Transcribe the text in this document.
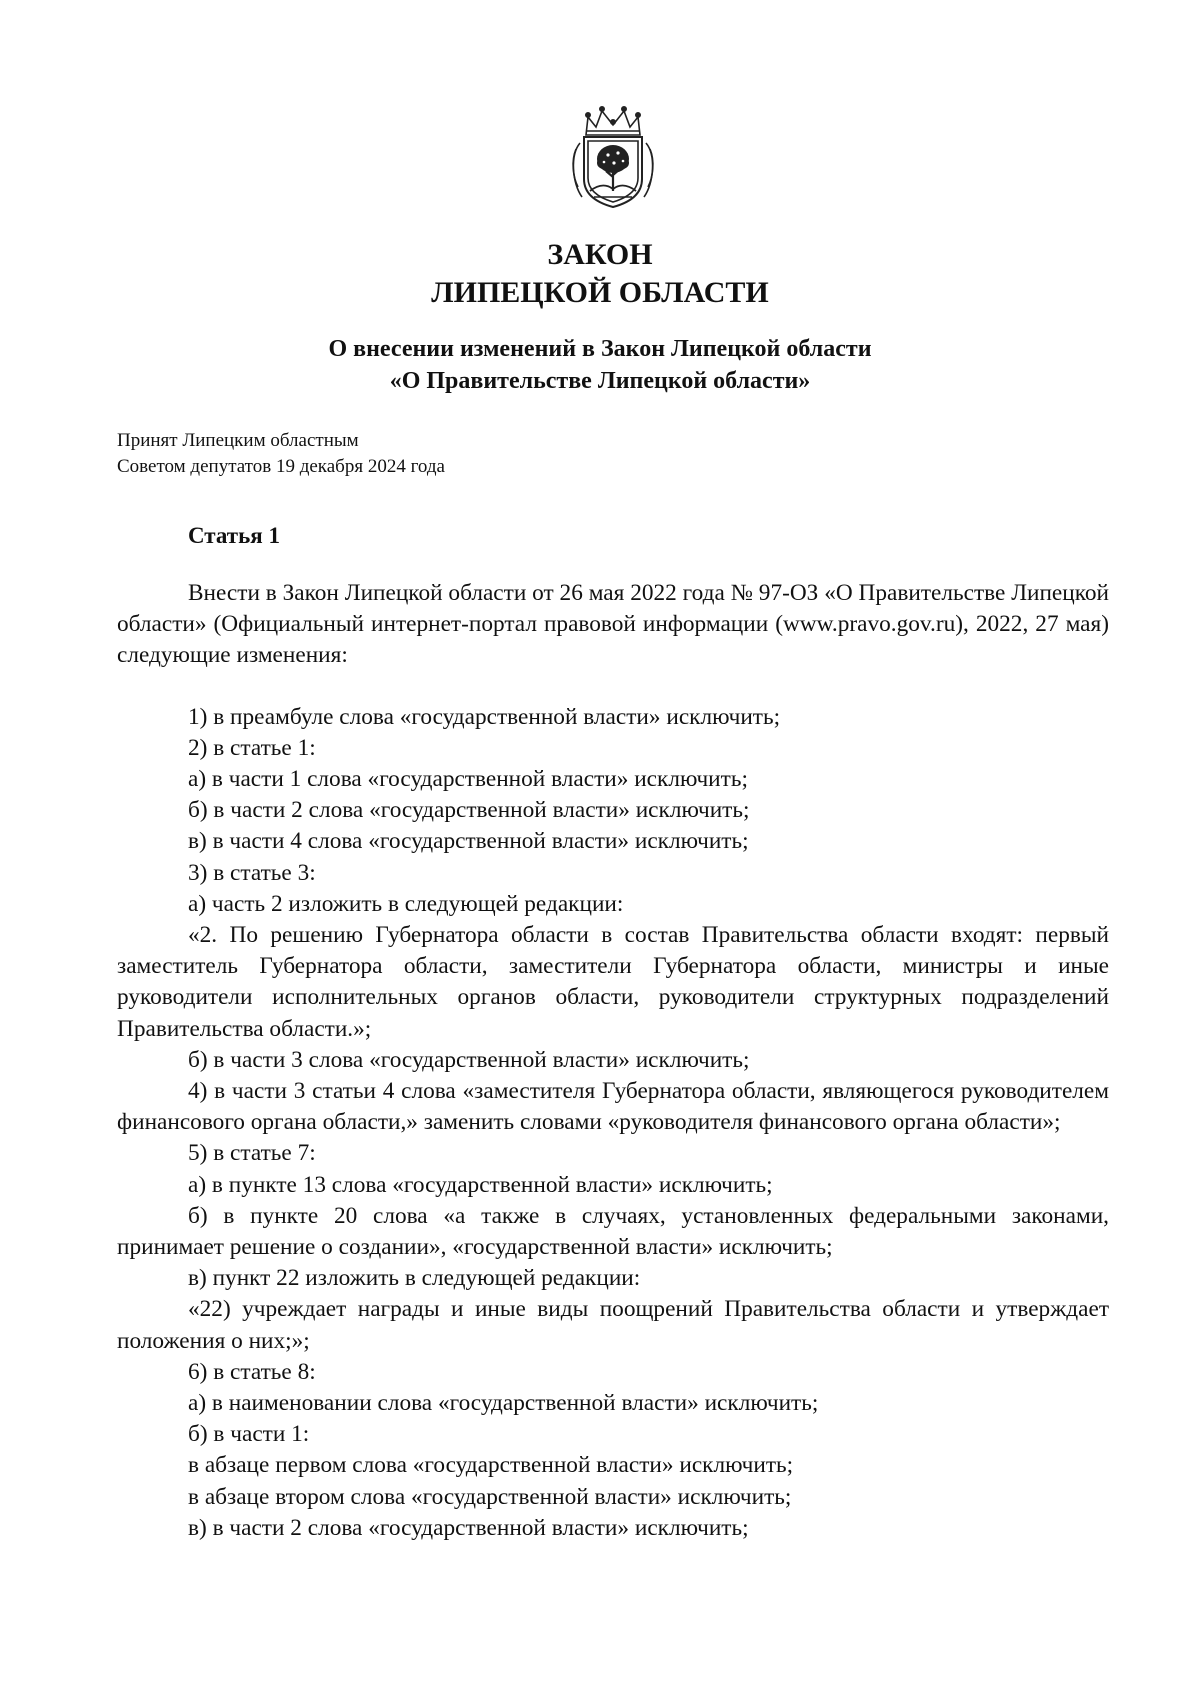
ЗАКОН
ЛИПЕЦКОЙ ОБЛАСТИ
О внесении изменений в Закон Липецкой области
«О Правительстве Липецкой области»
Принят Липецким областным
Советом депутатов 19 декабря 2024 года
Статья 1

Внести в Закон Липецкой области от 26 мая 2022 года № 97-ОЗ «О Правительстве Липецкой области» (Официальный интернет-портал правовой информации (www.pravo.gov.ru), 2022, 27 мая) следующие изменения:

1) в преамбуле слова «государственной власти» исключить;

2) в статье 1:

а) в части 1 слова «государственной власти» исключить;

б) в части 2 слова «государственной власти» исключить;

в) в части 4 слова «государственной власти» исключить;

3) в статье 3:

а) часть 2 изложить в следующей редакции:

«2. По решению Губернатора области в состав Правительства области входят: первый заместитель Губернатора области, заместители Губернатора области, министры и иные руководители исполнительных органов области, руководители структурных подразделений Правительства области.»;

б) в части 3 слова «государственной власти» исключить;

4) в части 3 статьи 4 слова «заместителя Губернатора области, являющегося руководителем финансового органа области,» заменить словами «руководителя финансового органа области»;

5) в статье 7:

а) в пункте 13 слова «государственной власти» исключить;

б) в пункте 20 слова «а также в случаях, установленных федеральными законами, принимает решение о создании», «государственной власти» исключить;

в) пункт 22 изложить в следующей редакции:

«22) учреждает награды и иные виды поощрений Правительства области и утверждает положения о них;»;

6) в статье 8:

а) в наименовании слова «государственной власти» исключить;

б) в части 1:

в абзаце первом слова «государственной власти» исключить;

в абзаце втором слова «государственной власти» исключить;

в) в части 2 слова «государственной власти» исключить;
